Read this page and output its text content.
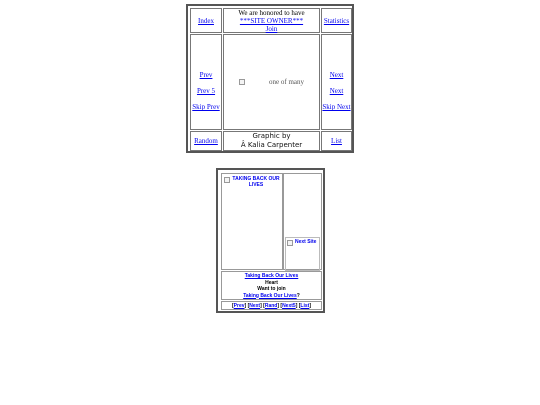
Index
We are honored to have
***SITE OWNER***
Join
Statistics
Prev
Prev 5
Skip Prev
one of many
Next
Next
Skip Next
Random
Graphic by
Â Kalia Carpenter	List
TAKING BACK OUR LIVES
Next Site
Taking Back Our Lives
Heart
Want to join
Taking Back Our Lives?
[Prev] [Next] [Rand] [Next5] [List]
